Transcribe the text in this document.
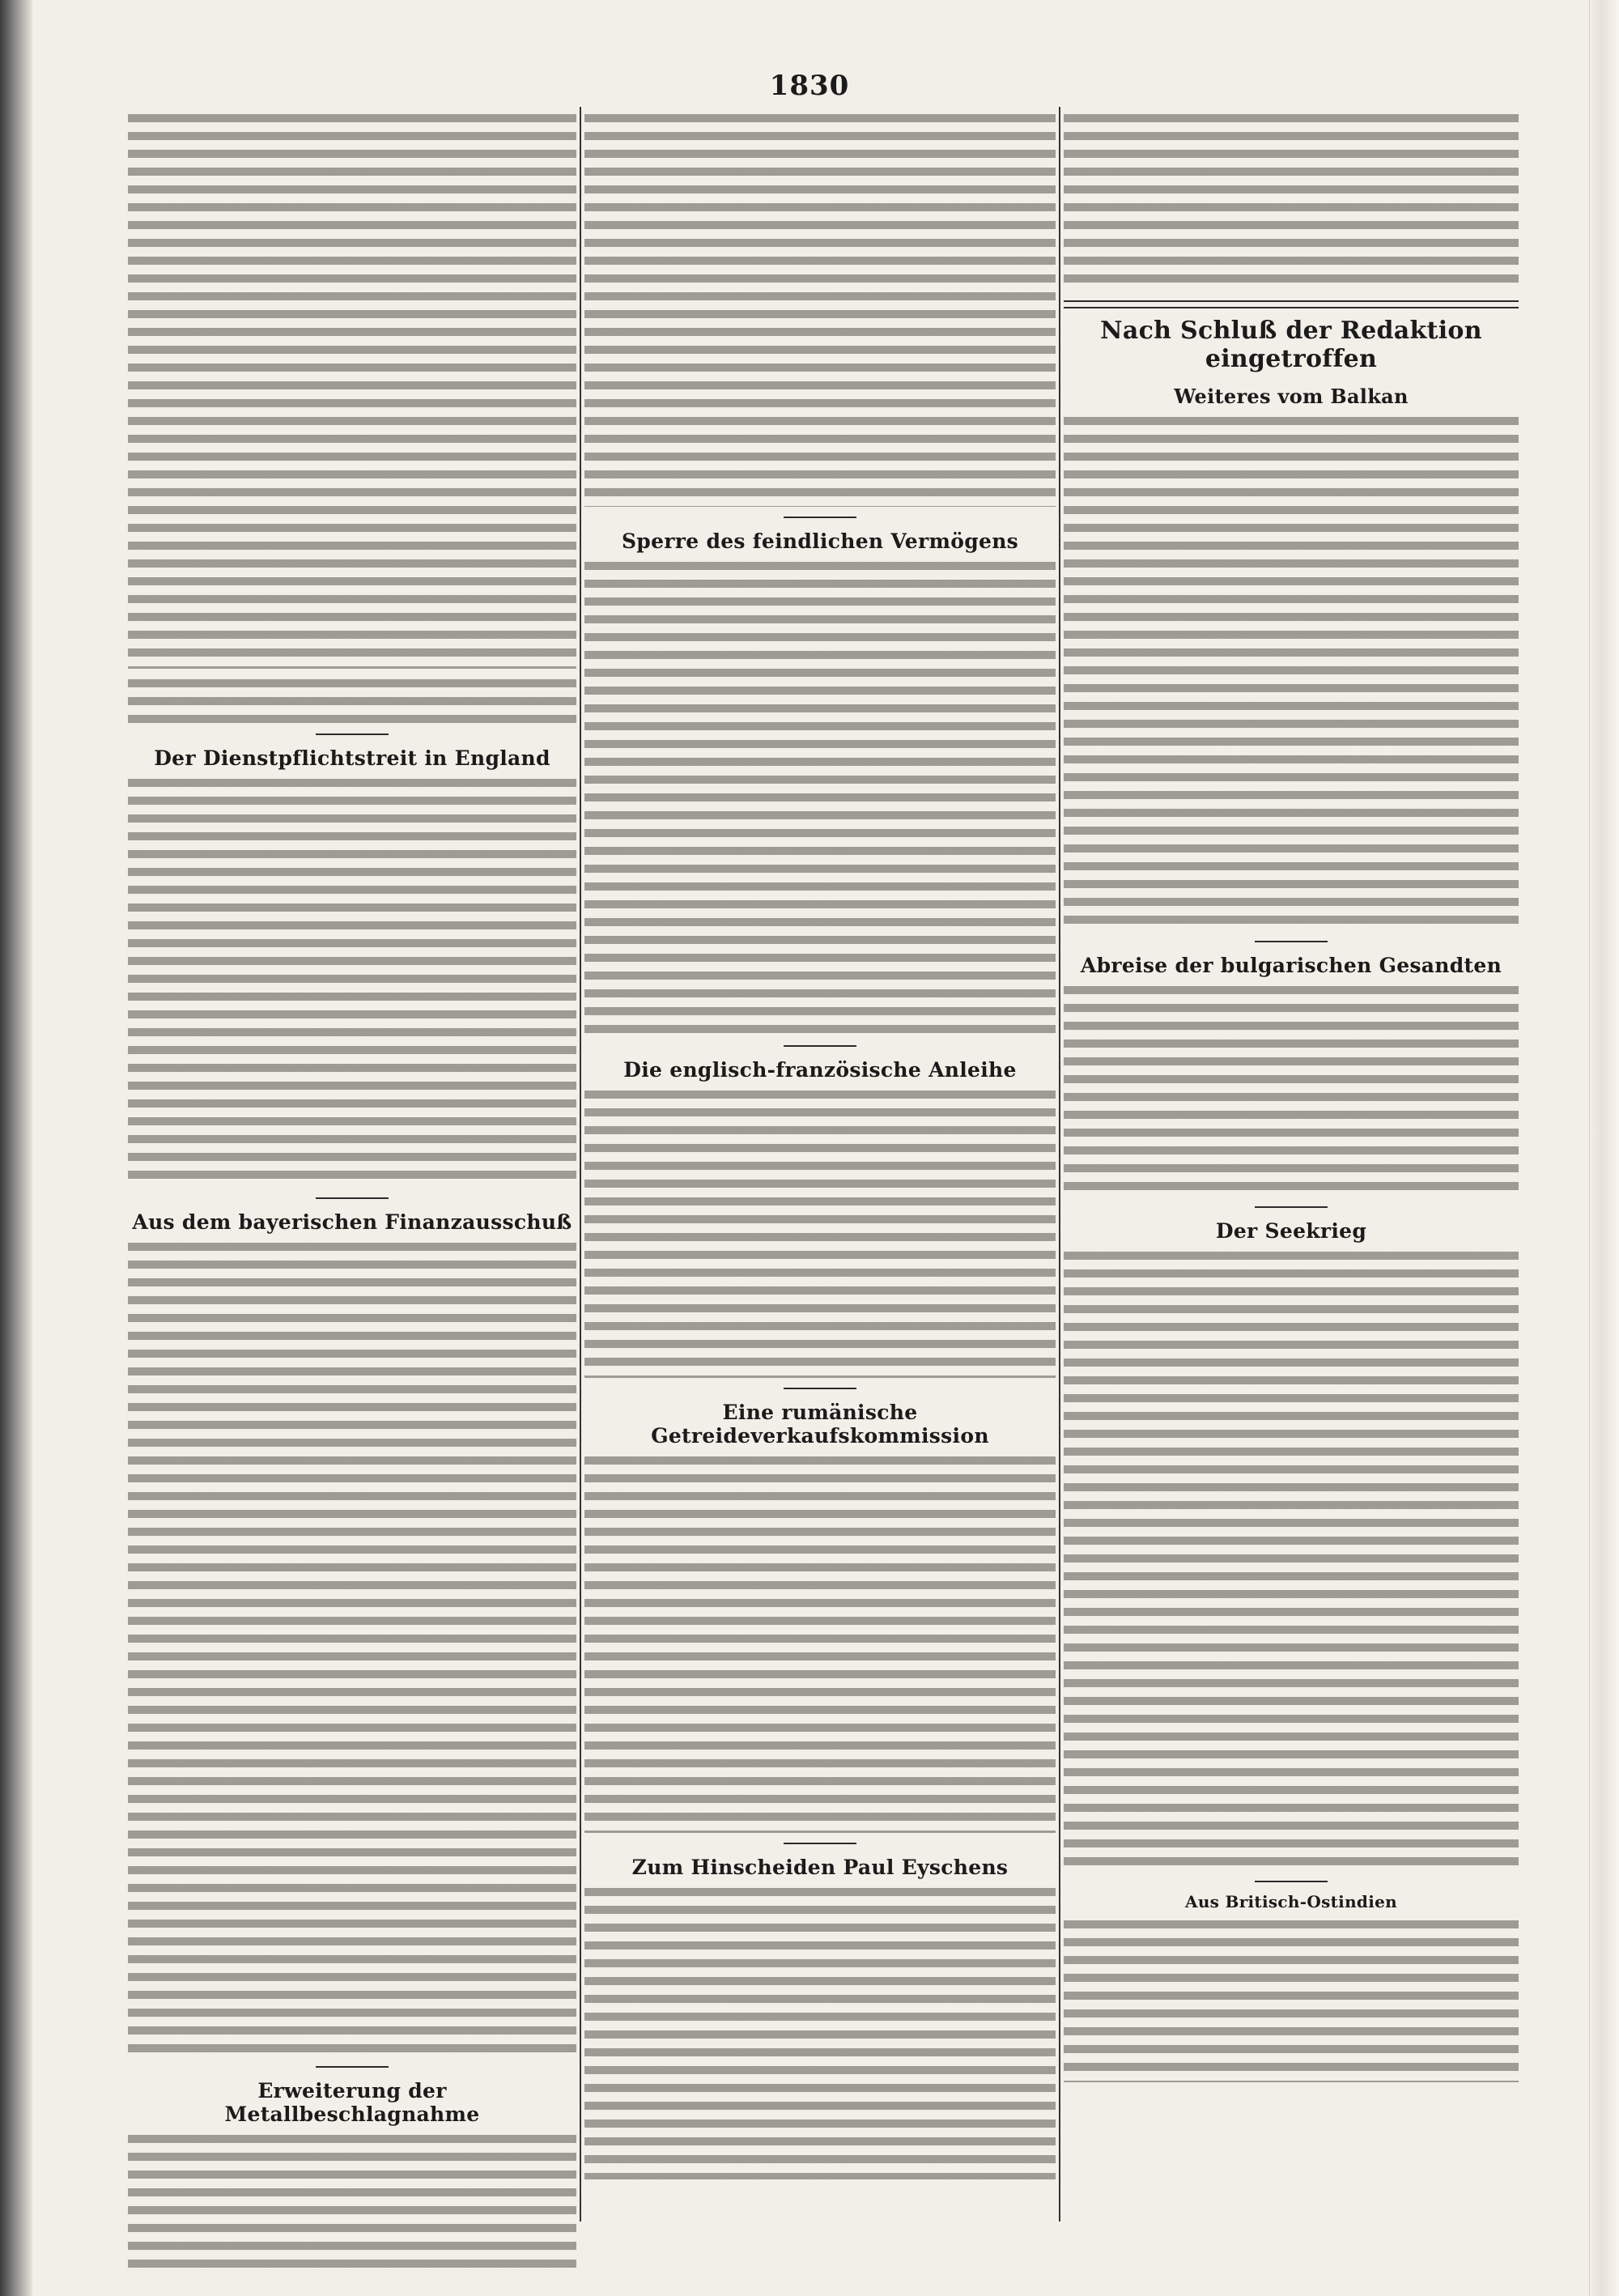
1830
Der Dienstpflichtstreit in England
Aus dem bayerischen Finanzausschuß
Erweiterung der Metallbeschlagnahme
Sperre des feindlichen Vermögens
Die englisch-französische Anleihe
Eine rumänische Getreideverkaufskommission
Zum Hinscheiden Paul Eyschens
Nach Schluß der Redaktion eingetroffen
Weiteres vom Balkan
Abreise der bulgarischen Gesandten
Der Seekrieg
Aus Britisch-Ostindien
